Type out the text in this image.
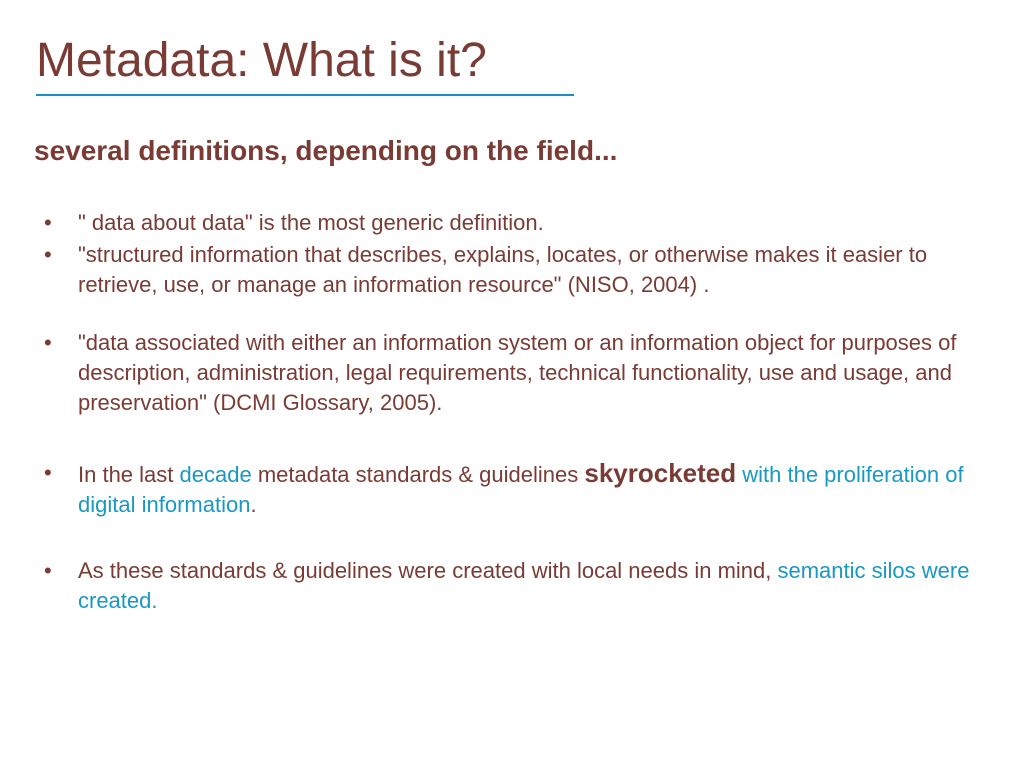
Metadata: What is it?
several definitions, depending on the field...
•	" data about data" is the most generic definition.
•	"structured information that describes, explains, locates, or otherwise makes it easier to retrieve, use, or manage an information resource" (NISO, 2004) .
•	"data associated with either an information system or an information object for purposes of description, administration, legal requirements, technical functionality, use and usage, and preservation" (DCMI Glossary, 2005).
•	In the last decade metadata standards & guidelines skyrocketed with the proliferation of digital information.
•	As these standards & guidelines were created with local needs in mind, semantic silos were created.
